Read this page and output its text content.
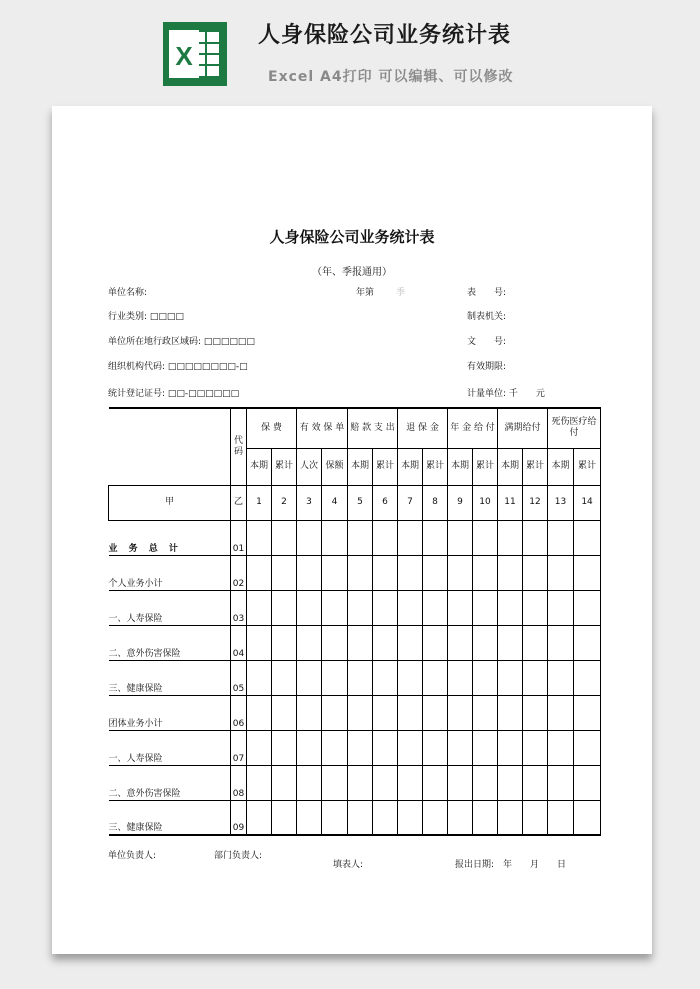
X
人身保险公司业务统计表
Excel A4打印 可以编辑、可以修改
人身保险公司业务统计表
（年、季报通用）
单位名称:	年第 季	表　　号:
行业类别: □□□□	制表机关:
单位所在地行政区域码: □□□□□□	文　　号:
组织机构代码: □□□□□□□□-□	有效期限:
统计登记证号: □□-□□□□□□	计量单位: 千　　元
	代码	保 费		有 效 保 单		赔 款 支 出		退 保 金		年 金 给 付		满期给付		死伤医疗给付	
		本期	累计	人次	保额	本期	累计	本期	累计	本期	累计	本期	累计	本期	累计
甲	乙	1	2	3	4	5	6	7	8	9	10	11	12	13	14
业 务 总 计	01														
个人业务小计	02														
一、人寿保险	03														
二、意外伤害保险	04														
三、健康保险	05														
团体业务小计	06														
一、人寿保险	07														
二、意外伤害保险	08														
三、健康保险	09														
单位负责人:	部门负责人:
填表人:	报出日期:　年　　月　　日
